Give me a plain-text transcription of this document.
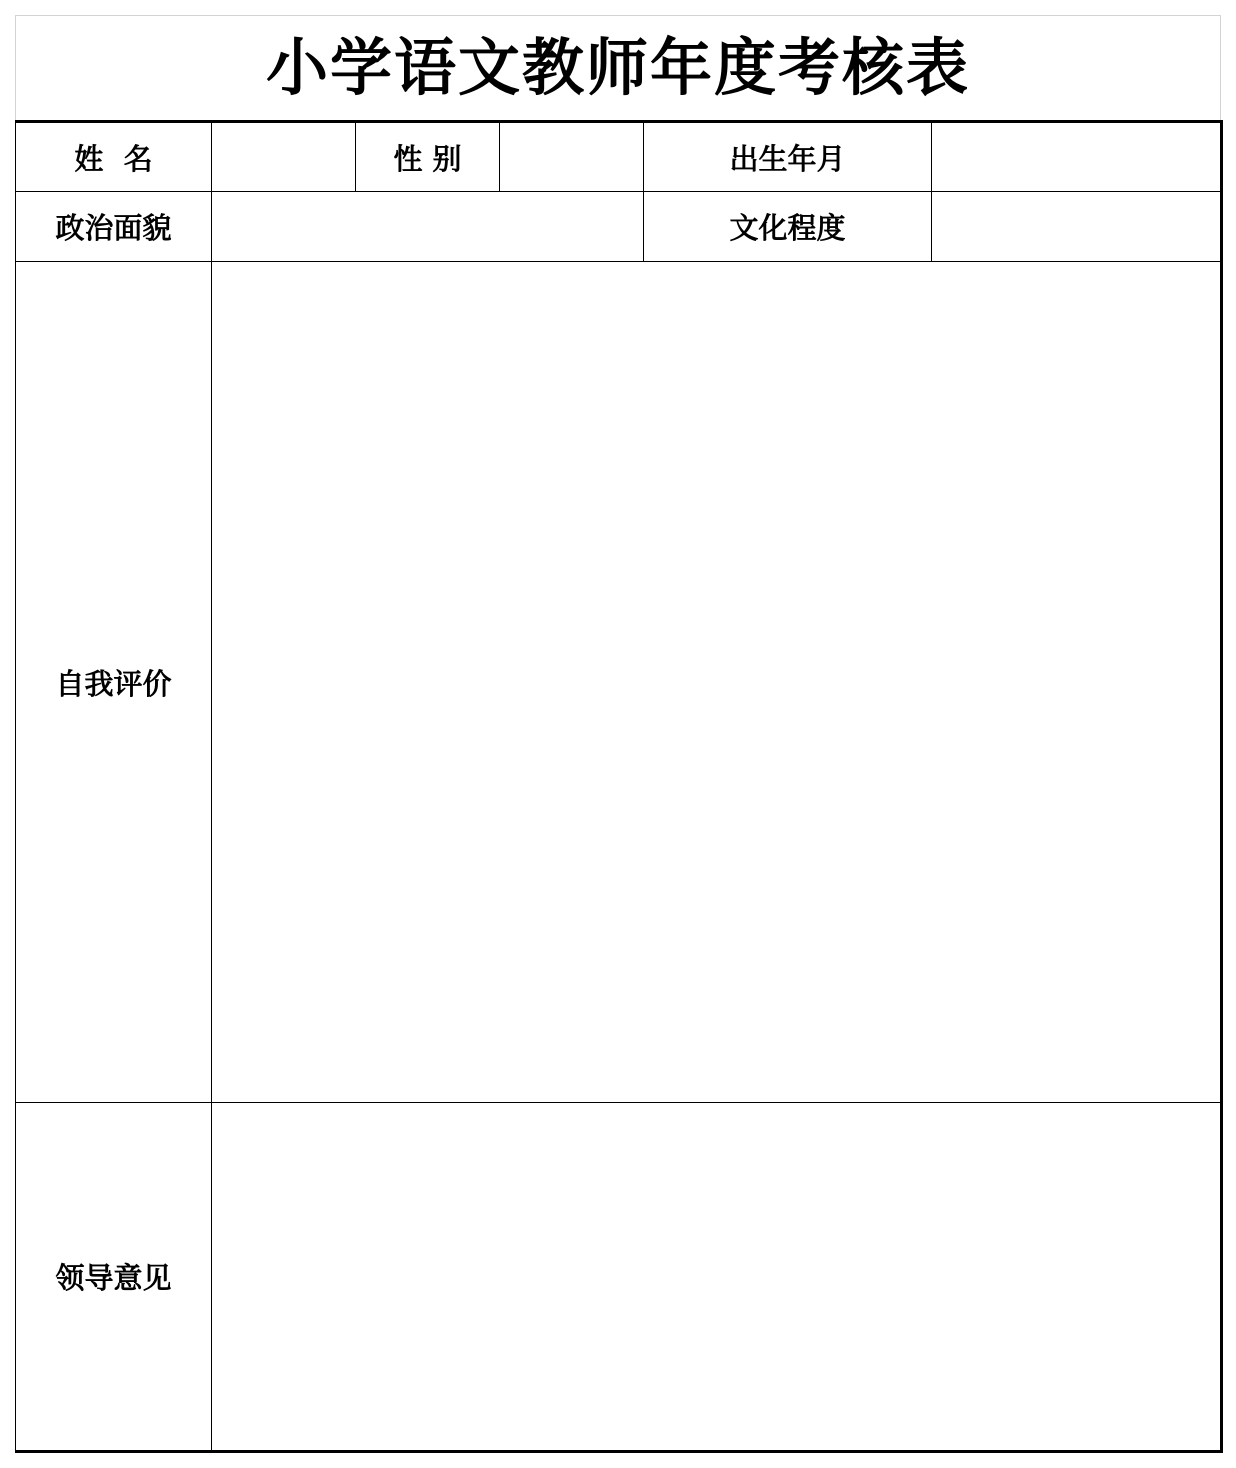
小学语文教师年度考核表
姓  名		性 别		出生年月	
政治面貌				文化程度	
自我评价					
领导意见					
